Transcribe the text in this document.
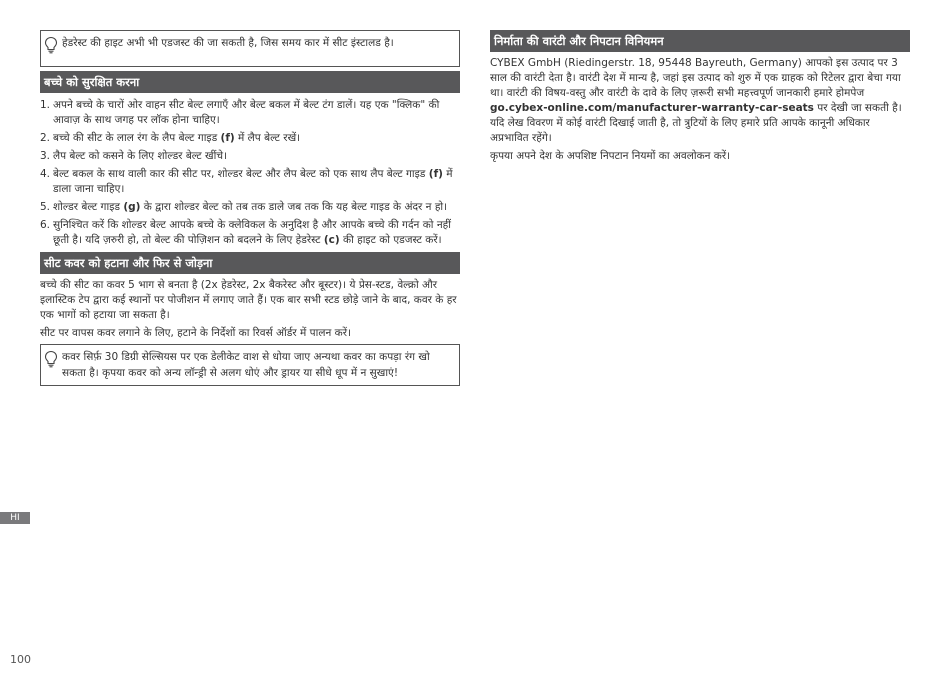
हेडरेस्ट की हाइट अभी भी एडजस्ट की जा सकती है, जिस समय कार में सीट इंस्टालड है।
बच्चे को सुरक्षित करना
1. अपने बच्चे के चारों ओर वाहन सीट बेल्ट लगाएँ और बेल्ट बकल में बेल्ट टंग डालें। यह एक "क्लिक" की आवाज़ के साथ जगह पर लॉक होना चाहिए।
2. बच्चे की सीट के लाल रंग के लैप बेल्ट गाइड (f) में लैप बेल्ट रखें।
3. लैप बेल्ट को कसने के लिए शोल्डर बेल्ट खींचे।
4. बेल्ट बकल के साथ वाली कार की सीट पर, शोल्डर बेल्ट और लैप बेल्ट को एक साथ लैप बेल्ट गाइड (f) में डाला जाना चाहिए।
5. शोल्डर बेल्ट गाइड (g) के द्वारा शोल्डर बेल्ट को तब तक डाले जब तक कि यह बेल्ट गाइड के अंदर न हो।
6. सुनिश्चित करें कि शोल्डर बेल्ट आपके बच्चे के क्लेविकल के अनुदिश है और आपके बच्चे की गर्दन को नहीं छूती है। यदि ज़रुरी हो, तो बेल्ट की पोज़िशन को बदलने के लिए हेडरेस्ट (c) की हाइट को एडजस्ट करें।
सीट कवर को हटाना और फिर से जोड़ना

बच्चे की सीट का कवर 5 भाग से बनता है (2x हेडरेस्ट, 2x बैकरेस्ट और बूस्टर)। ये प्रेस-स्टड, वेल्क्रो और इलास्टिक टेप द्वारा कई स्थानों पर पोजीशन में लगाए जाते हैं। एक बार सभी स्टड छोड़े जाने के बाद, कवर के हर एक भागों को हटाया जा सकता है।

सीट पर वापस कवर लगाने के लिए, हटाने के निर्देशों का रिवर्स ऑर्डर में पालन करें।

कवर सिर्फ़ 30 डिग्री सेल्सियस पर एक डेलीकेट वाश से धोया जाए अन्यथा कवर का कपड़ा रंग खो सकता है। कृपया कवर को अन्य लॉन्ड्री से अलग धोएं और ड्रायर या सीधे धूप में न सुखाएं!
निर्माता की वारंटी और निपटान विनियमन

CYBEX GmbH (Riedingerstr. 18, 95448 Bayreuth, Germany) आपको इस उत्पाद पर 3 साल की वारंटी देता है। वारंटी देश में मान्य है, जहां इस उत्पाद को शुरु में एक ग्राहक को रिटेलर द्वारा बेचा गया था। वारंटी की विषय-वस्तु और वारंटी के दावे के लिए ज़रूरी सभी महत्त्वपूर्ण जानकारी हमारे होमपेज go.cybex-online.com/manufacturer-warranty-car-seats पर देखी जा सकती है। यदि लेख विवरण में कोई वारंटी दिखाई जाती है, तो त्रुटियों के लिए हमारे प्रति आपके कानूनी अधिकार अप्रभावित रहेंगे।

कृपया अपने देश के अपशिष्ट निपटान नियमों का अवलोकन करें।

HI
100
